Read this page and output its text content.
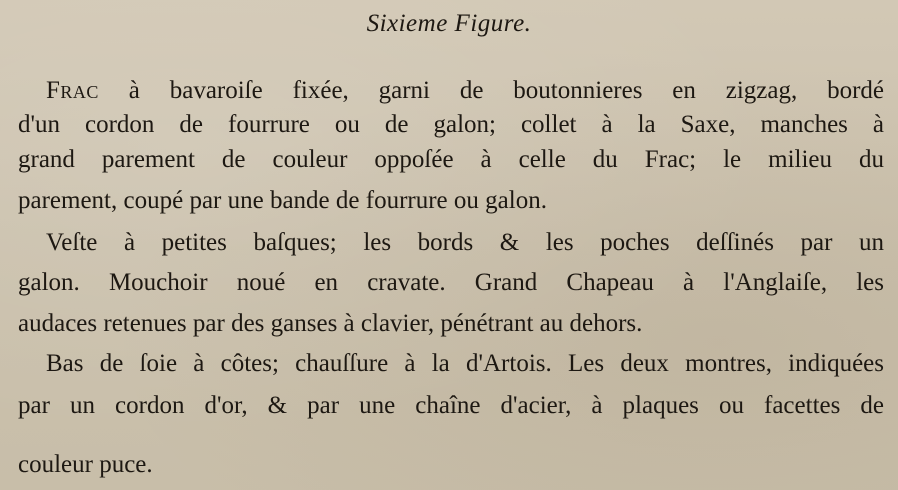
Sixieme Figure.
Frac à bavaroiſe fixée, garni de boutonnieres en zigzag, bordé
d'un cordon de fourrure ou de galon; collet à la Saxe, manches à
grand parement de couleur oppoſée à celle du Frac; le milieu du
parement, coupé par une bande de fourrure ou galon.
Veſte à petites baſques; les bords & les poches deſſinés par un
galon. Mouchoir noué en cravate. Grand Chapeau à l'Anglaiſe, les
audaces retenues par des ganses à clavier, pénétrant au dehors.
Bas de ſoie à côtes; chauſſure à la d'Artois. Les deux montres, indiquées
par un cordon d'or, & par une chaîne d'acier, à plaques ou facettes de
couleur puce.
